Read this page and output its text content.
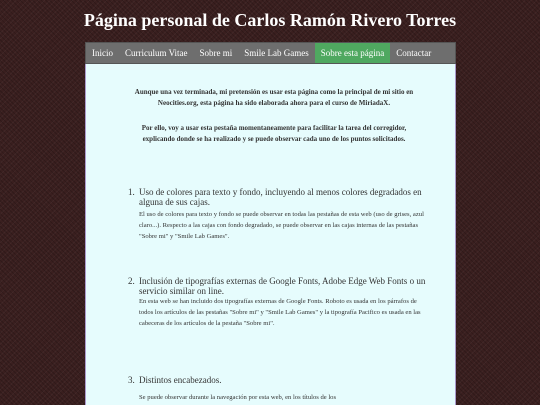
Página personal de Carlos Ramón Rivero Torres
Inicio	Curriculum Vitae	Sobre mi	Smile Lab Games	Sobre esta página	Contactar

Aunque una vez terminada, mi pretensión es usar esta página como la principal de mi sitio en Neocities.org, esta página ha sido elaborada ahora para el curso de MiriadaX.

Por ello, voy a usar esta pestaña momentaneamente para facilitar la tarea del corregidor, explicando donde se ha realizado y se puede observar cada uno de los puntos solicitados.

1. Uso de colores para texto y fondo, incluyendo al menos colores degradados en alguna de sus cajas.
El uso de colores para texto y fondo se puede observar en todas las pestañas de esta web (uso de grises, azul claro...). Respecto a las cajas con fondo degradado, se puede observar en las cajas internas de las pestañas "Sobre mi" y "Smile Lab Games".
2. Inclusión de tipografías externas de Google Fonts, Adobe Edge Web Fonts o un servicio similar on line.
En esta web se han incluido dos tipografías externas de Google Fonts. Roboto es usada en los párrafos de todos los artículos de las pestañas "Sobre mi" y "Smile Lab Games" y la tipografía Pacifico es usada en las cabeceras de los artículos de la pestaña "Sobre mi".
3. Distintos encabezados.
Se puede observar durante la navegación por esta web, en los títulos de los
